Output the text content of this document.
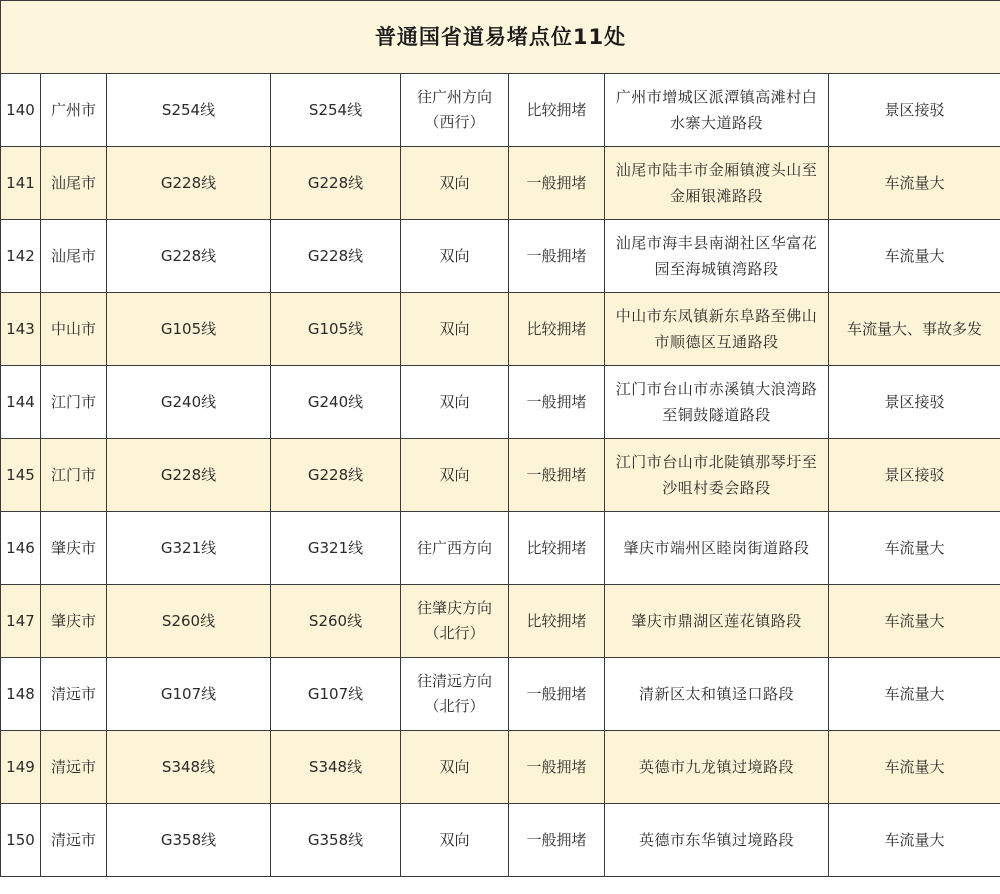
普通国省道易堵点位11处							
140	广州市	S254线	S254线	往广州方向
（西行）	比较拥堵	广州市增城区派潭镇高滩村白
水寨大道路段	景区接驳
141	汕尾市	G228线	G228线	双向	一般拥堵	汕尾市陆丰市金厢镇渡头山至
金厢银滩路段	车流量大
142	汕尾市	G228线	G228线	双向	一般拥堵	汕尾市海丰县南湖社区华富花
园至海城镇湾路段	车流量大
143	中山市	G105线	G105线	双向	比较拥堵	中山市东凤镇新东阜路至佛山
市顺德区互通路段	车流量大、事故多发
144	江门市	G240线	G240线	双向	一般拥堵	江门市台山市赤溪镇大浪湾路
至铜鼓隧道路段	景区接驳
145	江门市	G228线	G228线	双向	一般拥堵	江门市台山市北陡镇那琴圩至
沙咀村委会路段	景区接驳
146	肇庆市	G321线	G321线	往广西方向	比较拥堵	肇庆市端州区睦岗街道路段	车流量大
147	肇庆市	S260线	S260线	往肇庆方向
（北行）	比较拥堵	肇庆市鼎湖区莲花镇路段	车流量大
148	清远市	G107线	G107线	往清远方向
（北行）	一般拥堵	清新区太和镇迳口路段	车流量大
149	清远市	S348线	S348线	双向	一般拥堵	英德市九龙镇过境路段	车流量大
150	清远市	G358线	G358线	双向	一般拥堵	英德市东华镇过境路段	车流量大
